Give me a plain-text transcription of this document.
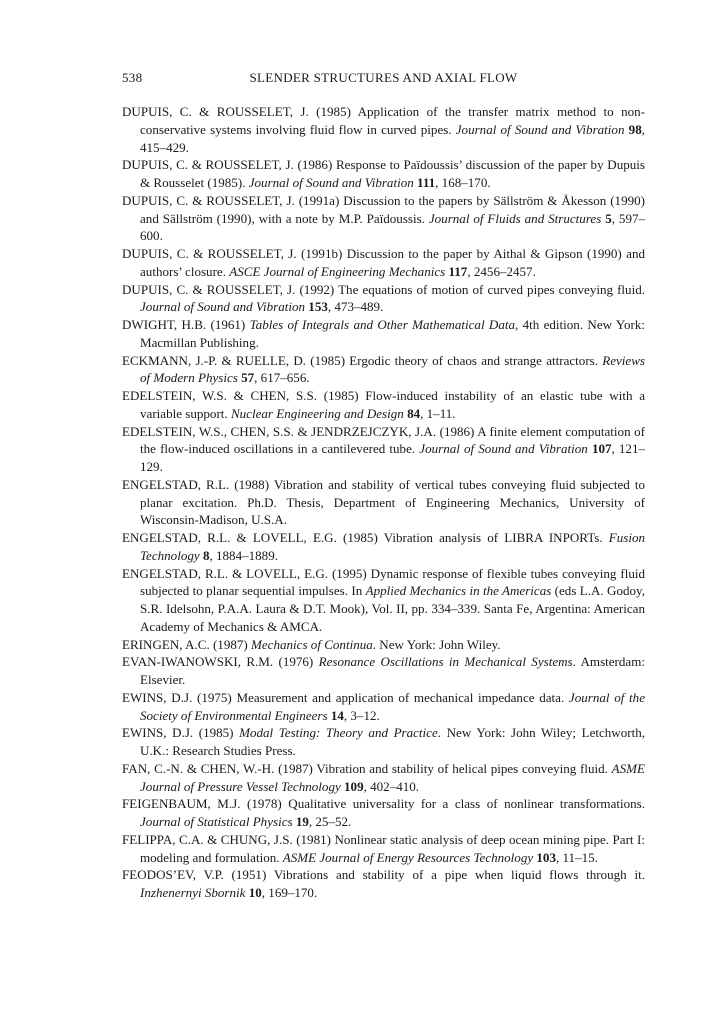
538	SLENDER STRUCTURES AND AXIAL FLOW
DUPUIS, C. & ROUSSELET, J. (1985) Application of the transfer matrix method to non-conservative systems involving fluid flow in curved pipes. Journal of Sound and Vibration 98, 415–429.
DUPUIS, C. & ROUSSELET, J. (1986) Response to Païdoussis’ discussion of the paper by Dupuis & Rousselet (1985). Journal of Sound and Vibration 111, 168–170.
DUPUIS, C. & ROUSSELET, J. (1991a) Discussion to the papers by Sällström & Åkesson (1990) and Sällström (1990), with a note by M.P. Païdoussis. Journal of Fluids and Structures 5, 597–600.
DUPUIS, C. & ROUSSELET, J. (1991b) Discussion to the paper by Aithal & Gipson (1990) and authors’ closure. ASCE Journal of Engineering Mechanics 117, 2456–2457.
DUPUIS, C. & ROUSSELET, J. (1992) The equations of motion of curved pipes conveying fluid. Journal of Sound and Vibration 153, 473–489.
DWIGHT, H.B. (1961) Tables of Integrals and Other Mathematical Data, 4th edition. New York: Macmillan Publishing.
ECKMANN, J.-P. & RUELLE, D. (1985) Ergodic theory of chaos and strange attractors. Reviews of Modern Physics 57, 617–656.
EDELSTEIN, W.S. & CHEN, S.S. (1985) Flow-induced instability of an elastic tube with a variable support. Nuclear Engineering and Design 84, 1–11.
EDELSTEIN, W.S., CHEN, S.S. & JENDRZEJCZYK, J.A. (1986) A finite element computation of the flow-induced oscillations in a cantilevered tube. Journal of Sound and Vibration 107, 121–129.
ENGELSTAD, R.L. (1988) Vibration and stability of vertical tubes conveying fluid subjected to planar excitation. Ph.D. Thesis, Department of Engineering Mechanics, University of Wisconsin-Madison, U.S.A.
ENGELSTAD, R.L. & LOVELL, E.G. (1985) Vibration analysis of LIBRA INPORTs. Fusion Technology 8, 1884–1889.
ENGELSTAD, R.L. & LOVELL, E.G. (1995) Dynamic response of flexible tubes conveying fluid subjected to planar sequential impulses. In Applied Mechanics in the Americas (eds L.A. Godoy, S.R. Idelsohn, P.A.A. Laura & D.T. Mook), Vol. II, pp. 334–339. Santa Fe, Argentina: American Academy of Mechanics & AMCA.
ERINGEN, A.C. (1987) Mechanics of Continua. New York: John Wiley.
EVAN-IWANOWSKI, R.M. (1976) Resonance Oscillations in Mechanical Systems. Amsterdam: Elsevier.
EWINS, D.J. (1975) Measurement and application of mechanical impedance data. Journal of the Society of Environmental Engineers 14, 3–12.
EWINS, D.J. (1985) Modal Testing: Theory and Practice. New York: John Wiley; Letchworth, U.K.: Research Studies Press.
FAN, C.-N. & CHEN, W.-H. (1987) Vibration and stability of helical pipes conveying fluid. ASME Journal of Pressure Vessel Technology 109, 402–410.
FEIGENBAUM, M.J. (1978) Qualitative universality for a class of nonlinear transformations. Journal of Statistical Physics 19, 25–52.
FELIPPA, C.A. & CHUNG, J.S. (1981) Nonlinear static analysis of deep ocean mining pipe. Part I: modeling and formulation. ASME Journal of Energy Resources Technology 103, 11–15.
FEODOS’EV, V.P. (1951) Vibrations and stability of a pipe when liquid flows through it. Inzhenernyi Sbornik 10, 169–170.
